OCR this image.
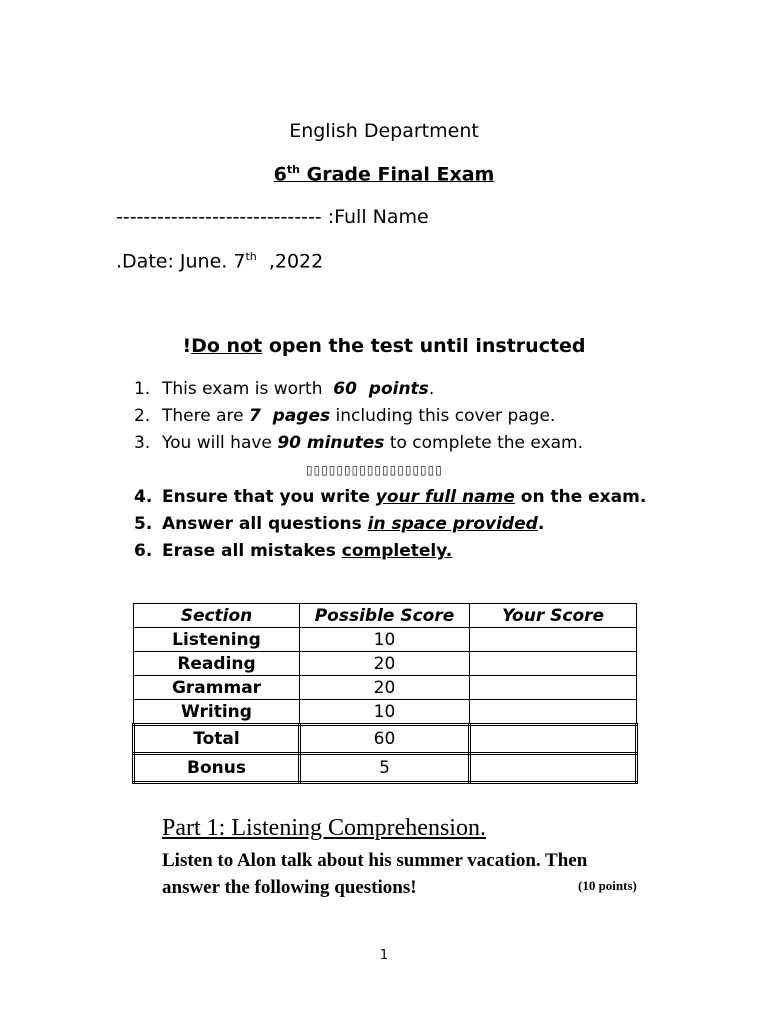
English Department
6th Grade Final Exam
------------------------------ :Full Name
.Date: June. 7th  ,2022
!Do not open the test until instructed
1. This exam is worth  60  points.
2. There are 7  pages including this cover page.
3. You will have 90 minutes to complete the exam.
▯▯▯▯▯▯▯▯▯▯▯▯▯▯▯▯▯▯
4. Ensure that you write your full name on the exam.
5. Answer all questions in space provided.
6. Erase all mistakes completely.
Section	Possible Score	Your Score
Listening	10	
Reading	20	
Grammar	20	
Writing	10	
Total	60	
Bonus	5	
Part 1: Listening Comprehension.
Listen to Alon talk about his summer vacation. Then
answer the following questions!	(10 points)
1
